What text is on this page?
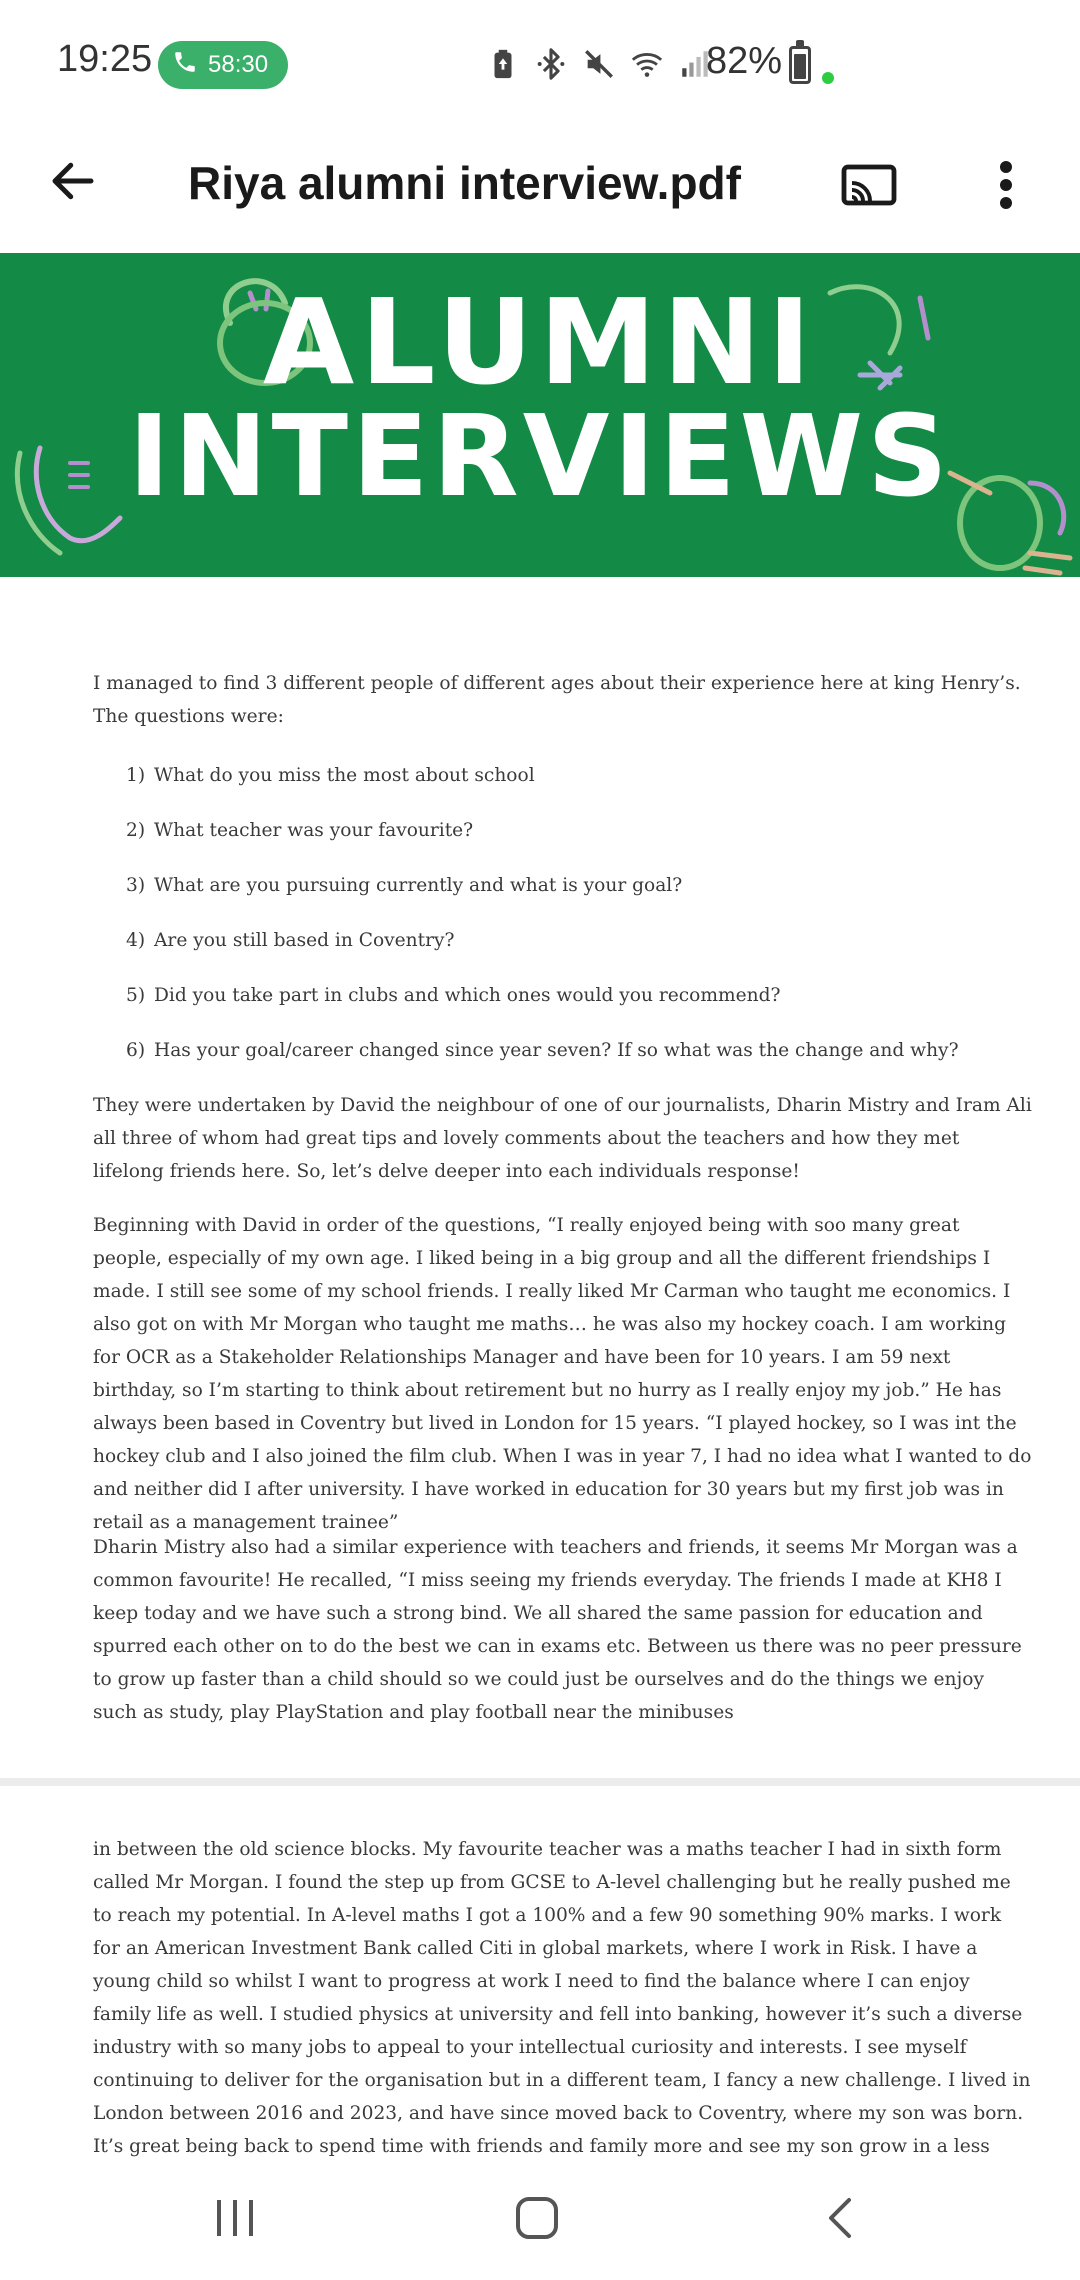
19:25 58:30	82%
Riya alumni interview.pdf
ALUMNI
INTERVIEWS
I managed to find 3 different people of different ages about their experience here at king Henry’s. The questions were:
1) What do you miss the most about school
2) What teacher was your favourite?
3) What are you pursuing currently and what is your goal?
4) Are you still based in Coventry?
5) Did you take part in clubs and which ones would you recommend?
6) Has your goal/career changed since year seven? If so what was the change and why?
They were undertaken by David the neighbour of one of our journalists, Dharin Mistry and Iram Ali all three of whom had great tips and lovely comments about the teachers and how they met lifelong friends here. So, let’s delve deeper into each individuals response!
Beginning with David in order of the questions, “I really enjoyed being with soo many great people, especially of my own age. I liked being in a big group and all the different friendships I made. I still see some of my school friends. I really liked Mr Carman who taught me economics. I also got on with Mr Morgan who taught me maths… he was also my hockey coach. I am working for OCR as a Stakeholder Relationships Manager and have been for 10 years. I am 59 next birthday, so I’m starting to think about retirement but no hurry as I really enjoy my job.” He has always been based in Coventry but lived in London for 15 years. “I played hockey, so I was int the hockey club and I also joined the film club. When I was in year 7, I had no idea what I wanted to do and neither did I after university. I have worked in education for 30 years but my first job was in retail as a management trainee”
Dharin Mistry also had a similar experience with teachers and friends, it seems Mr Morgan was a common favourite! He recalled, “I miss seeing my friends everyday. The friends I made at KH8 I keep today and we have such a strong bind. We all shared the same passion for education and spurred each other on to do the best we can in exams etc. Between us there was no peer pressure to grow up faster than a child should so we could just be ourselves and do the things we enjoy such as study, play PlayStation and play football near the minibuses
in between the old science blocks. My favourite teacher was a maths teacher I had in sixth form called Mr Morgan. I found the step up from GCSE to A-level challenging but he really pushed me to reach my potential. In A-level maths I got a 100% and a few 90 something 90% marks. I work for an American Investment Bank called Citi in global markets, where I work in Risk. I have a young child so whilst I want to progress at work I need to find the balance where I can enjoy family life as well. I studied physics at university and fell into banking, however it’s such a diverse industry with so many jobs to appeal to your intellectual curiosity and interests. I see myself continuing to deliver for the organisation but in a different team, I fancy a new challenge. I lived in London between 2016 and 2023, and have since moved back to Coventry, where my son was born. It’s great being back to spend time with friends and family more and see my son grow in a less
